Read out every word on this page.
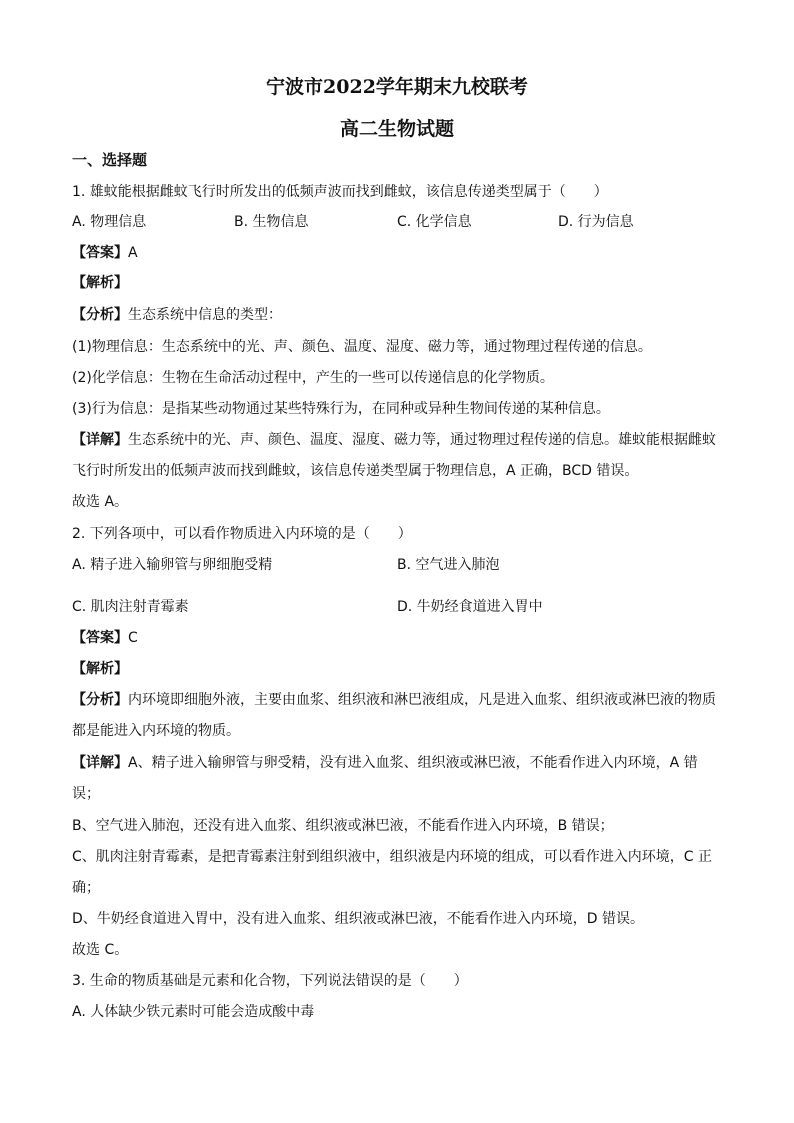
宁波市2022学年期末九校联考
高二生物试题
一、选择题
1. 雄蚊能根据雌蚊飞行时所发出的低频声波而找到雌蚊，该信息传递类型属于（　　）
A. 物理信息	B. 生物信息	C. 化学信息	D. 行为信息
【答案】A
【解析】
【分析】生态系统中信息的类型：
(1)物理信息：生态系统中的光、声、颜色、温度、湿度、磁力等，通过物理过程传递的信息。
(2)化学信息：生物在生命活动过程中，产生的一些可以传递信息的化学物质。
(3)行为信息：是指某些动物通过某些特殊行为，在同种或异种生物间传递的某种信息。
【详解】生态系统中的光、声、颜色、温度、湿度、磁力等，通过物理过程传递的信息。雄蚊能根据雌蚊
飞行时所发出的低频声波而找到雌蚊，该信息传递类型属于物理信息，A 正确，BCD 错误。
故选 A。
2. 下列各项中，可以看作物质进入内环境的是（　　）
A. 精子进入输卵管与卵细胞受精	B. 空气进入肺泡
C. 肌肉注射青霉素	D. 牛奶经食道进入胃中
【答案】C
【解析】
【分析】内环境即细胞外液，主要由血浆、组织液和淋巴液组成，凡是进入血浆、组织液或淋巴液的物质
都是能进入内环境的物质。
【详解】A、精子进入输卵管与卵受精，没有进入血浆、组织液或淋巴液，不能看作进入内环境，A 错
误；
B、空气进入肺泡，还没有进入血浆、组织液或淋巴液，不能看作进入内环境，B 错误；
C、肌肉注射青霉素，是把青霉素注射到组织液中，组织液是内环境的组成，可以看作进入内环境，C 正
确；
D、牛奶经食道进入胃中，没有进入血浆、组织液或淋巴液，不能看作进入内环境，D 错误。
故选 C。
3. 生命的物质基础是元素和化合物，下列说法错误的是（　　）
A. 人体缺少铁元素时可能会造成酸中毒
